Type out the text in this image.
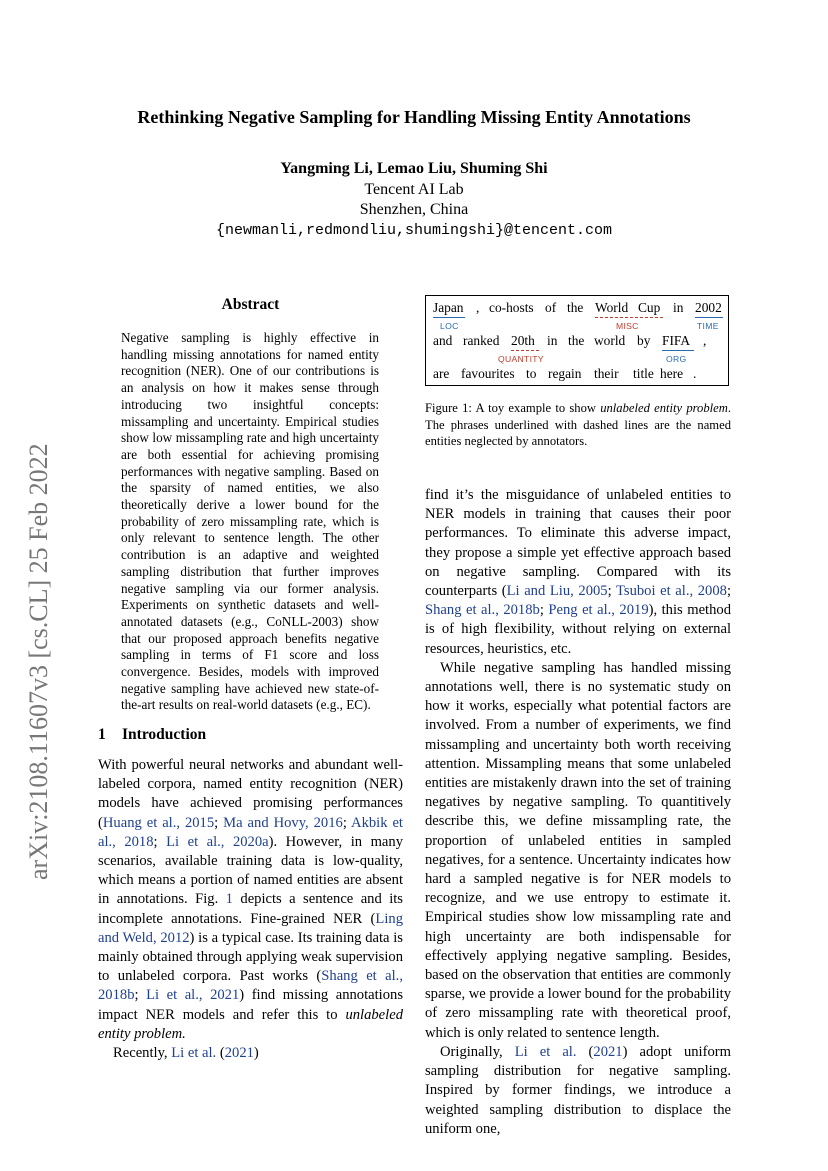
arXiv:2108.11607v3 [cs.CL] 25 Feb 2022
Rethinking Negative Sampling for Handling Missing Entity Annotations
Yangming Li, Lemao Liu, Shuming Shi
Tencent AI Lab
Shenzhen, China
{newmanli,redmondliu,shumingshi}@tencent.com
Abstract
Negative sampling is highly effective in handling missing annotations for named entity recognition (NER). One of our contributions is an analysis on how it makes sense through introducing two insightful concepts: missampling and uncertainty. Empirical studies show low missampling rate and high uncertainty are both essential for achieving promising performances with negative sampling. Based on the sparsity of named entities, we also theoretically derive a lower bound for the probability of zero missampling rate, which is only relevant to sentence length. The other contribution is an adaptive and weighted sampling distribution that further improves negative sampling via our former analysis. Experiments on synthetic datasets and well-annotated datasets (e.g., CoNLL-2003) show that our proposed approach benefits negative sampling in terms of F1 score and loss convergence. Besides, models with improved negative sampling have achieved new state-of-the-art results on real-world datasets (e.g., EC).
1 Introduction

With powerful neural networks and abundant well-labeled corpora, named entity recognition (NER) models have achieved promising performances (Huang et al., 2015; Ma and Hovy, 2016; Akbik et al., 2018; Li et al., 2020a). However, in many scenarios, available training data is low-quality, which means a portion of named entities are absent in annotations. Fig. 1 depicts a sentence and its incomplete annotations. Fine-grained NER (Ling and Weld, 2012) is a typical case. Its training data is mainly obtained through applying weak supervision to unlabeled corpora. Past works (Shang et al., 2018b; Li et al., 2021) find missing annotations impact NER models and refer this to unlabeled entity problem.

Recently, Li et al. (2021)

Japan , co-hosts of the World Cup in 2002
LOC	MISC	TIME
and ranked 20th in the world by FIFA ,
QUANTITY	ORG
are favourites to regain their title here .
Figure 1: A toy example to show unlabeled entity problem. The phrases underlined with dashed lines are the named entities neglected by annotators.

find it’s the misguidance of unlabeled entities to NER models in training that causes their poor performances. To eliminate this adverse impact, they propose a simple yet effective approach based on negative sampling. Compared with its counterparts (Li and Liu, 2005; Tsuboi et al., 2008; Shang et al., 2018b; Peng et al., 2019), this method is of high flexibility, without relying on external resources, heuristics, etc.

While negative sampling has handled missing annotations well, there is no systematic study on how it works, especially what potential factors are involved. From a number of experiments, we find missampling and uncertainty both worth receiving attention. Missampling means that some unlabeled entities are mistakenly drawn into the set of training negatives by negative sampling. To quantitively describe this, we define missampling rate, the proportion of unlabeled entities in sampled negatives, for a sentence. Uncertainty indicates how hard a sampled negative is for NER models to recognize, and we use entropy to estimate it. Empirical studies show low missampling rate and high uncertainty are both indispensable for effectively applying negative sampling. Besides, based on the observation that entities are commonly sparse, we provide a lower bound for the probability of zero missampling rate with theoretical proof, which is only related to sentence length.

Originally, Li et al. (2021) adopt uniform sampling distribution for negative sampling. Inspired by former findings, we introduce a weighted sampling distribution to displace the uniform one,
